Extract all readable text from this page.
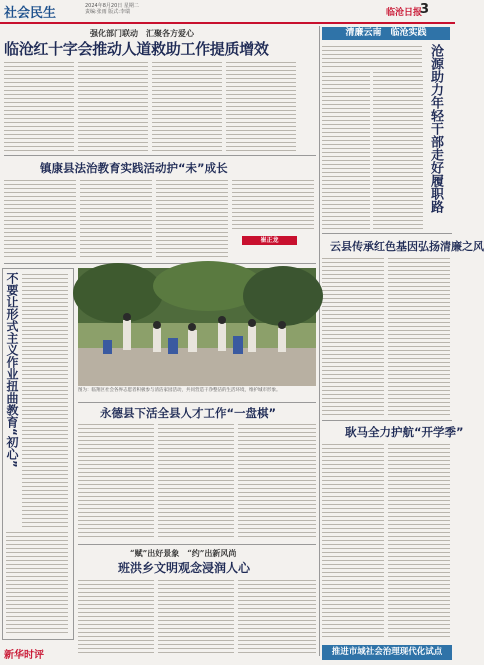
社会民生	2024年8月20日 星期二
责编:张雨 版式:李瑞	临沧日报
3
强化部门联动　汇聚各方爱心
临沧红十字会推动人道救助工作提质增效
清廉云南　临沧实践
沧源助力年轻干部走好履职路
镇康县法治教育实践活动护“未”成长
崔正龙	云县传承红色基因弘扬清廉之风
不要让形式主义作业扭曲教育“初心”	图为：临翔区社会各界志愿者积极参与清洁家园活动，共同营造干净整洁的生活环境，维护城市形象。
永德县下活全县人才工作“一盘棋”
耿马全力护航“开学季”
“赋”出好景象　“约”出新风尚
班洪乡文明观念浸润人心
新华时评	推进市域社会治理现代化试点
